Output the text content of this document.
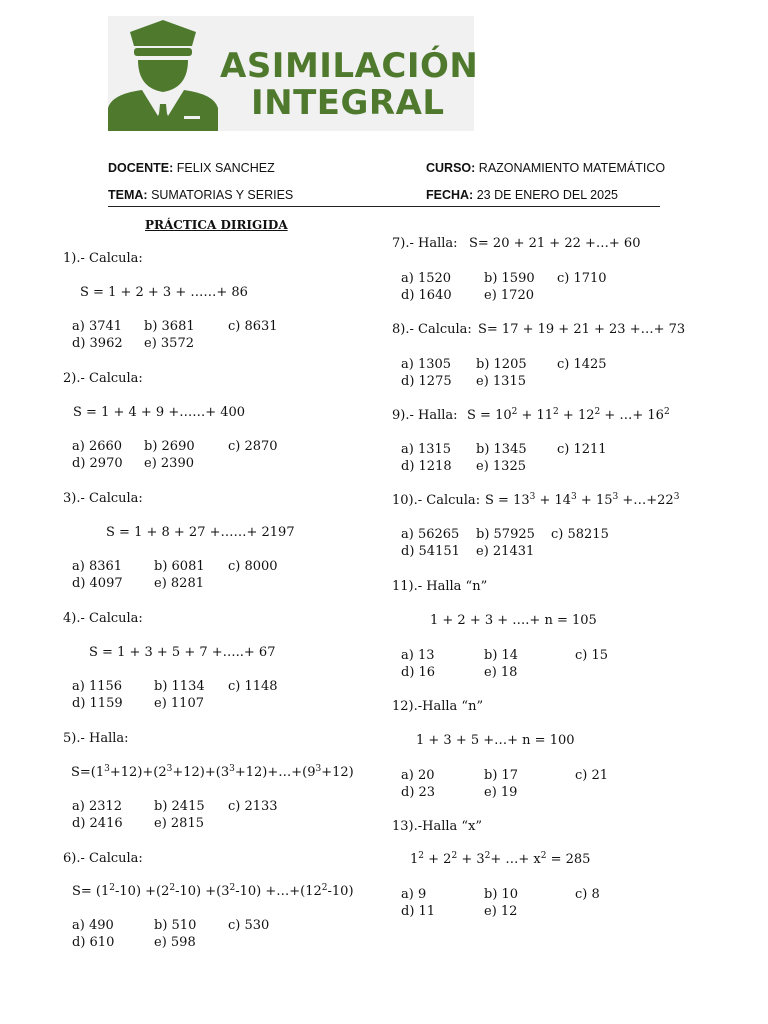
ASIMILACIÓN
INTEGRAL
DOCENTE: FELIX SANCHEZ	CURSO: RAZONAMIENTO MATEMÁTICO
TEMA: SUMATORIAS Y SERIES	FECHA: 23 DE ENERO DEL 2025
PRÁCTICA DIRIGIDA
1).- Calcula:
S = 1 + 2 + 3 + ……+ 86
a) 3741 b) 3681	c) 8631
d) 3962 e) 3572
2).- Calcula:
S = 1 + 4 + 9 +……+ 400
a) 2660 b) 2690	c) 2870
d) 2970 e) 2390
3).- Calcula:
S = 1 + 8 + 27 +……+ 2197
a) 8361 b) 6081 c) 8000
d) 4097 e) 8281
4).- Calcula:
S = 1 + 3 + 5 + 7 +…..+ 67
a) 1156 b) 1134 c) 1148
d) 1159 e) 1107
5).- Halla:
$S=(1^3+12)+(2^3+12)+(3^3+12)+\dots+(9^3+12)$
a) 2312 b) 2415 c) 2133
d) 2416 e) 2815
6).- Calcula:
$S= (1^2-10) +(2^2-10) +(3^2-10)$ $+\dots+(12^2-10)$
a) 490	b) 510 c) 530
d) 610	e) 598
7).- Halla: S= 20 + 21 + 22 +…+ 60
a) 1520	b) 1590 c) 1710
d) 1640 e) 1720
8).- Calcula: S= 17 + 19 + 21 + 23 +…+ 73
a) 1305 b) 1205 c) 1425
d) 1275 e) 1315
9).- Halla: $S = 10^2 + 11^2 + 12^2$ + …+ $16^2$
a) 1315 b) 1345 c) 1211
d) 1218 e) 1325
10).- Calcula: $S = 13^3 + 14^3 + 15^3$ $+\dots+22^3$
a) 56265 b) 57925 c) 58215
d) 54151 e) 21431
11).- Halla “n”
1 + 2 + 3 + ….+ n = 105
a) 13	b) 14	c) 15
d) 16	e) 18
12).-Halla “n”
1 + 3 + 5 +…+ n = 100
a) 20	b) 17	c) 21
d) 23	e) 19
13).-Halla “x”
$1^2 + 2^2 + 3^2+$ …+ $x^2 = 285$
a) 9	b) 10	c) 8
d) 11	e) 12
